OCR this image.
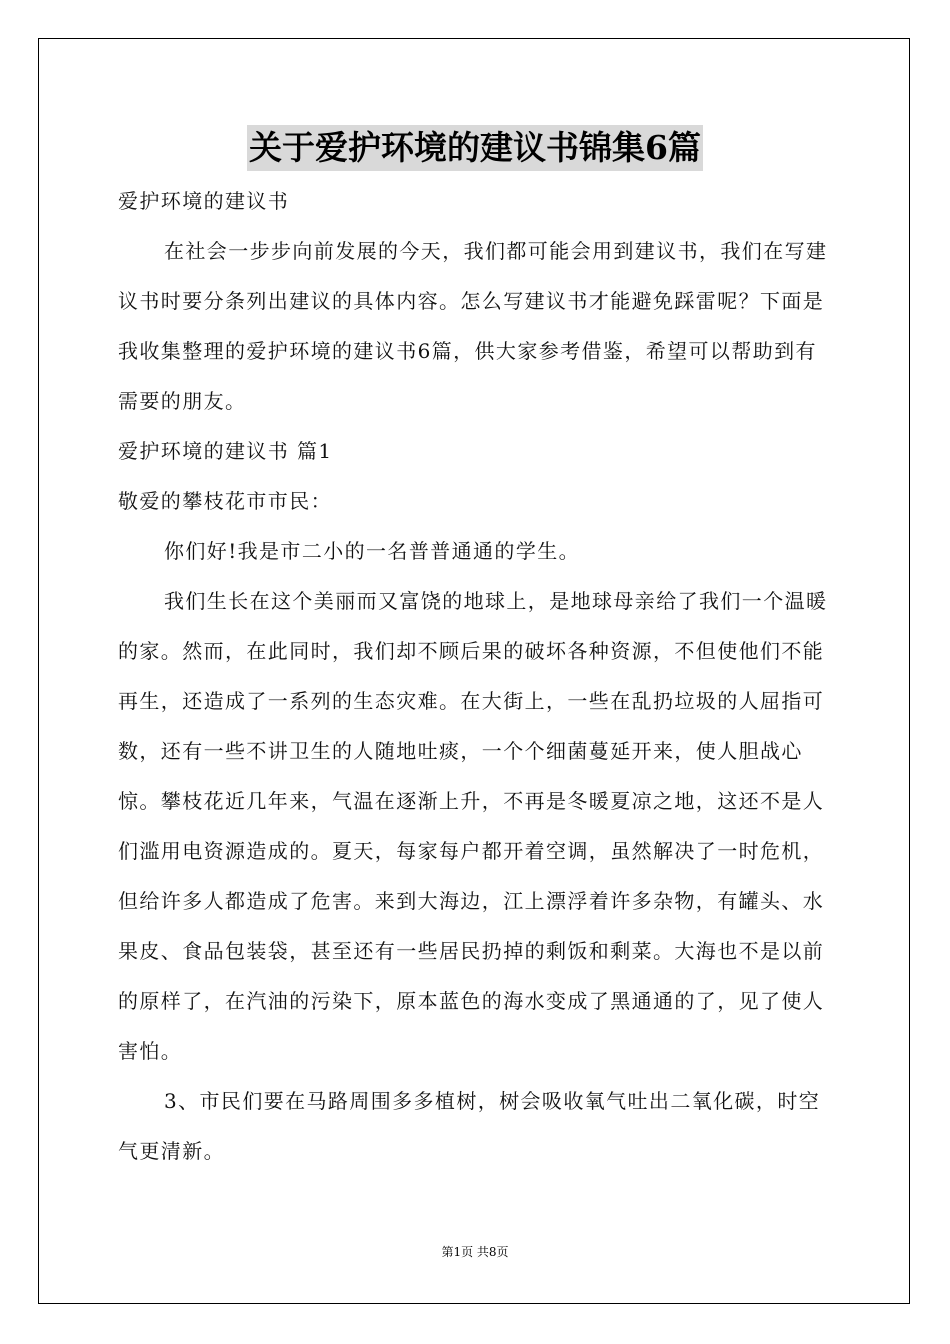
关于爱护环境的建议书锦集6篇

爱护环境的建议书

在社会一步步向前发展的今天，我们都可能会用到建议书，我们在写建议书时要分条列出建议的具体内容。怎么写建议书才能避免踩雷呢？下面是我收集整理的爱护环境的建议书6篇，供大家参考借鉴，希望可以帮助到有需要的朋友。

爱护环境的建议书 篇1

敬爱的攀枝花市市民：

你们好!我是市二小的一名普普通通的学生。

我们生长在这个美丽而又富饶的地球上，是地球母亲给了我们一个温暖的家。然而，在此同时，我们却不顾后果的破坏各种资源，不但使他们不能再生，还造成了一系列的生态灾难。在大街上，一些在乱扔垃圾的人屈指可数，还有一些不讲卫生的人随地吐痰，一个个细菌蔓延开来，使人胆战心惊。攀枝花近几年来，气温在逐渐上升，不再是冬暖夏凉之地，这还不是人们滥用电资源造成的。夏天，每家每户都开着空调，虽然解决了一时危机，但给许多人都造成了危害。来到大海边，江上漂浮着许多杂物，有罐头、水果皮、食品包装袋，甚至还有一些居民扔掉的剩饭和剩菜。大海也不是以前的原样了，在汽油的污染下，原本蓝色的海水变成了黑通通的了，见了使人害怕。

3、市民们要在马路周围多多植树，树会吸收氧气吐出二氧化碳，时空气更清新。

第1页 共8页
